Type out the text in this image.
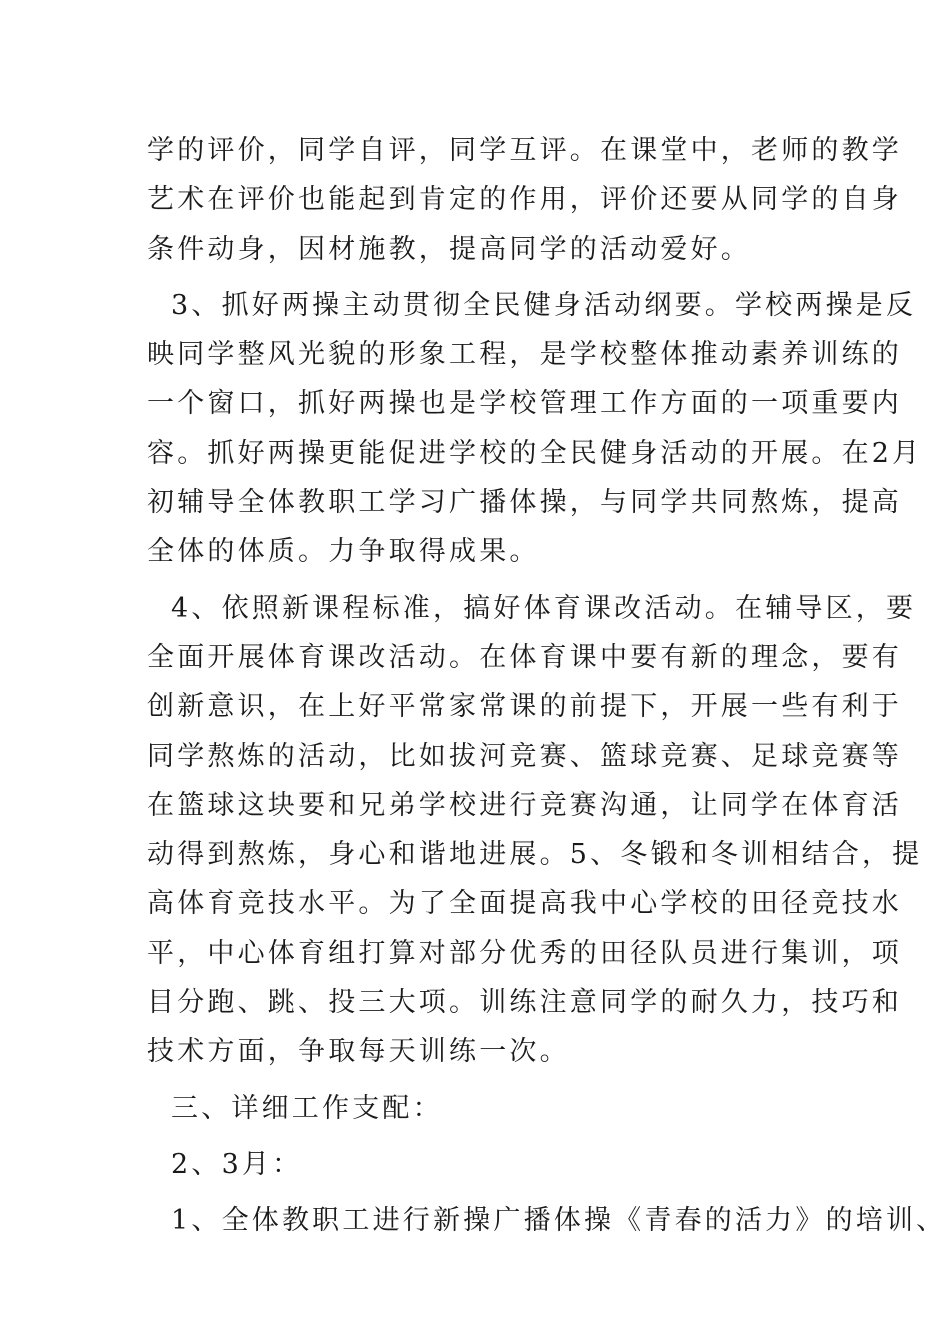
学的评价，同学自评，同学互评。在课堂中，老师的教学
艺术在评价也能起到肯定的作用，评价还要从同学的自身
条件动身，因材施教，提高同学的活动爱好。
3、抓好两操主动贯彻全民健身活动纲要。学校两操是反
映同学整风光貌的形象工程，是学校整体推动素养训练的
一个窗口，抓好两操也是学校管理工作方面的一项重要内
容。抓好两操更能促进学校的全民健身活动的开展。在2月
初辅导全体教职工学习广播体操，与同学共同熬炼，提高
全体的体质。力争取得成果。
4、依照新课程标准，搞好体育课改活动。在辅导区，要
全面开展体育课改活动。在体育课中要有新的理念，要有
创新意识，在上好平常家常课的前提下，开展一些有利于
同学熬炼的活动，比如拔河竞赛、篮球竞赛、足球竞赛等
在篮球这块要和兄弟学校进行竞赛沟通，让同学在体育活
动得到熬炼，身心和谐地进展。5、冬锻和冬训相结合，提
高体育竞技水平。为了全面提高我中心学校的田径竞技水
平，中心体育组打算对部分优秀的田径队员进行集训，项
目分跑、跳、投三大项。训练注意同学的耐久力，技巧和
技术方面，争取每天训练一次。
三、详细工作支配：
2、3月：
1、全体教职工进行新操广播体操《青春的活力》的培训、
